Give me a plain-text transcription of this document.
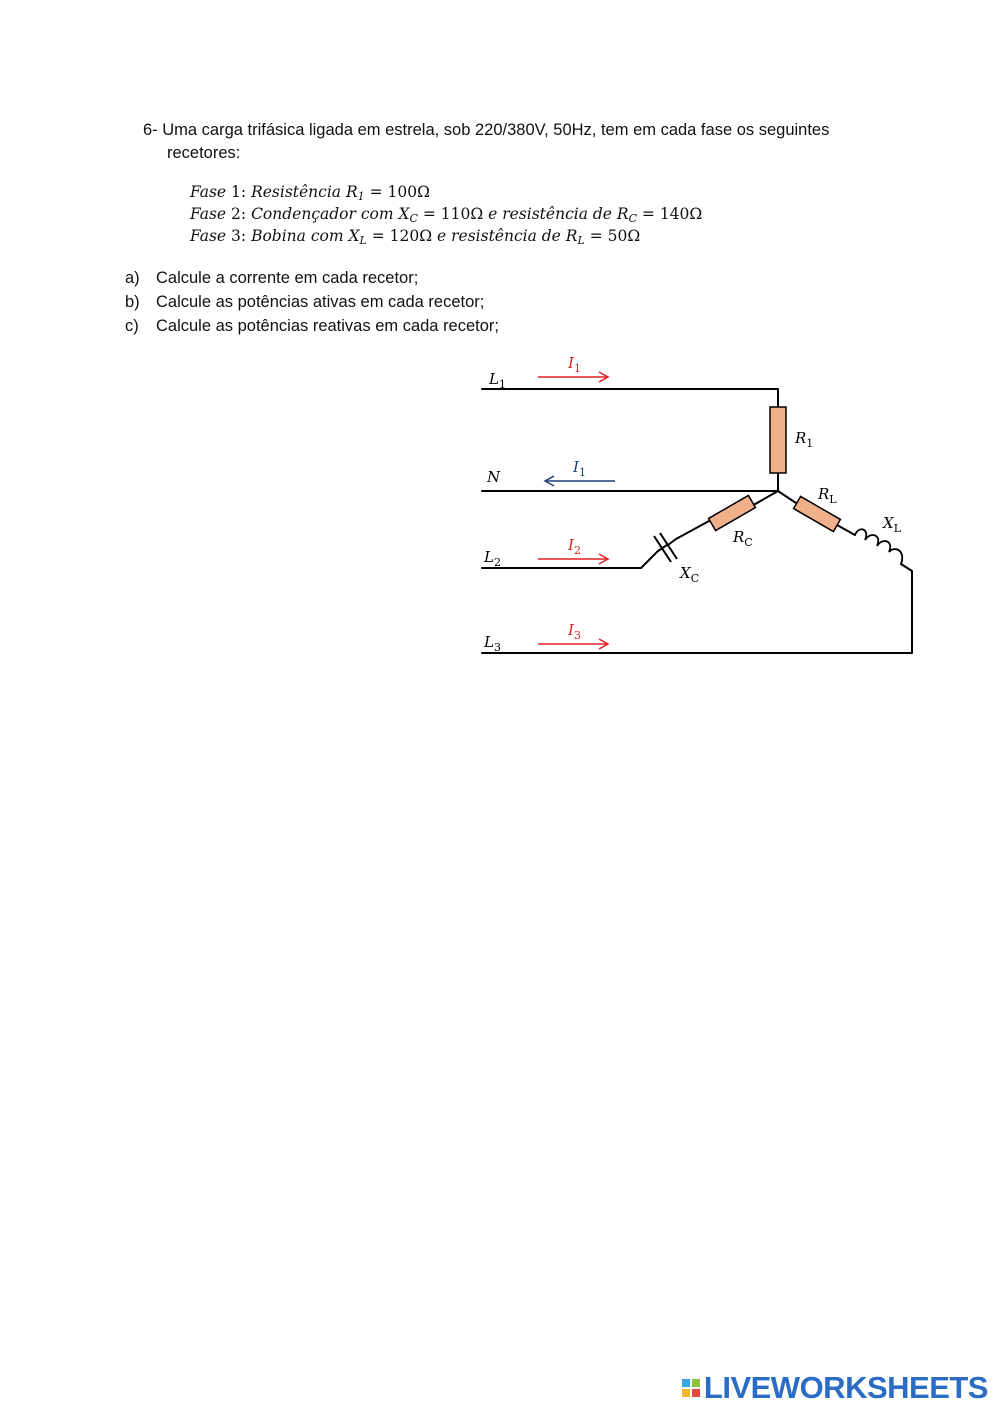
6- Uma carga trifásica ligada em estrela, sob 220/380V, 50Hz, tem em cada fase os seguintes
recetores:
Fase 1: Resistência $R_1 = 100\Omega$
Fase 2: Condençador com $X_C = 110\Omega$ e resistência de $R_C = 140\Omega$
Fase 3: Bobina com $X_L = 120\Omega$ e resistência de $R_L = 50\Omega$
a) Calcule a corrente em cada recetor;
b) Calcule as potências ativas em cada recetor;
c)	Calcule as potências reativas em cada recetor;
$L_1$
N
$L_2$
$L_3$
$I_1$
$I_1$
$I_2$
$I_3$
$R_1$
$R_C$
$X_C$
$R_L$
$X_L$
LIVEWORKSHEETS
